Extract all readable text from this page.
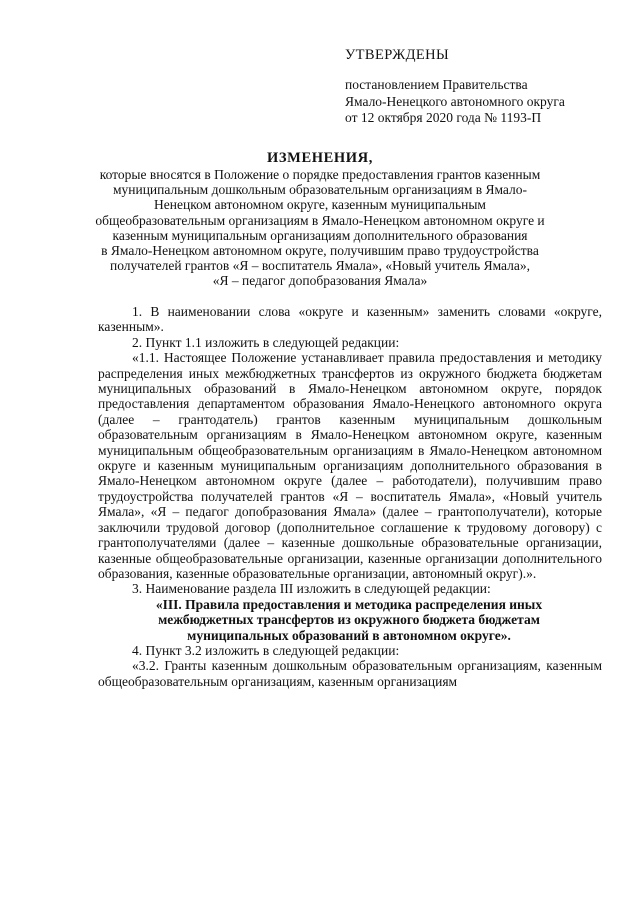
УТВЕРЖДЕНЫ
постановлением Правительства
Ямало-Ненецкого автономного округа
от 12 октября 2020 года № 1193-П
ИЗМЕНЕНИЯ,
которые вносятся в Положение о порядке предоставления грантов казенным
муниципальным дошкольным образовательным организациям в Ямало-
Ненецком автономном округе, казенным муниципальным
общеобразовательным организациям в Ямало-Ненецком автономном округе и
казенным муниципальным организациям дополнительного образования
в Ямало-Ненецком автономном округе, получившим право трудоустройства
получателей грантов «Я – воспитатель Ямала», «Новый учитель Ямала»,
«Я – педагог допобразования Ямала»

1. В наименовании слова «округе и казенным» заменить словами «округе, казенным».

2. Пункт 1.1 изложить в следующей редакции:

«1.1. Настоящее Положение устанавливает правила предоставления и методику распределения иных межбюджетных трансфертов из окружного бюджета бюджетам муниципальных образований в Ямало-Ненецком автономном округе, порядок предоставления департаментом образования Ямало-Ненецкого автономного округа (далее – грантодатель) грантов казенным муниципальным дошкольным образовательным организациям в Ямало-Ненецком автономном округе, казенным муниципальным общеобразовательным организациям в Ямало-Ненецком автономном округе и казенным муниципальным организациям дополнительного образования в Ямало-Ненецком автономном округе (далее – работодатели), получившим право трудоустройства получателей грантов «Я – воспитатель Ямала», «Новый учитель Ямала», «Я – педагог допобразования Ямала» (далее – грантополучатели), которые заключили трудовой договор (дополнительное соглашение к трудовому договору) с грантополучателями (далее – казенные дошкольные образовательные организации, казенные общеобразовательные организации, казенные организации дополнительного образования, казенные образовательные организации, автономный округ).».

3. Наименование раздела III изложить в следующей редакции:

«III. Правила предоставления и методика распределения иных межбюджетных трансфертов из окружного бюджета бюджетам муниципальных образований в автономном округе».

4. Пункт 3.2 изложить в следующей редакции:

«3.2. Гранты казенным дошкольным образовательным организациям, казенным общеобразовательным организациям, казенным организациям
